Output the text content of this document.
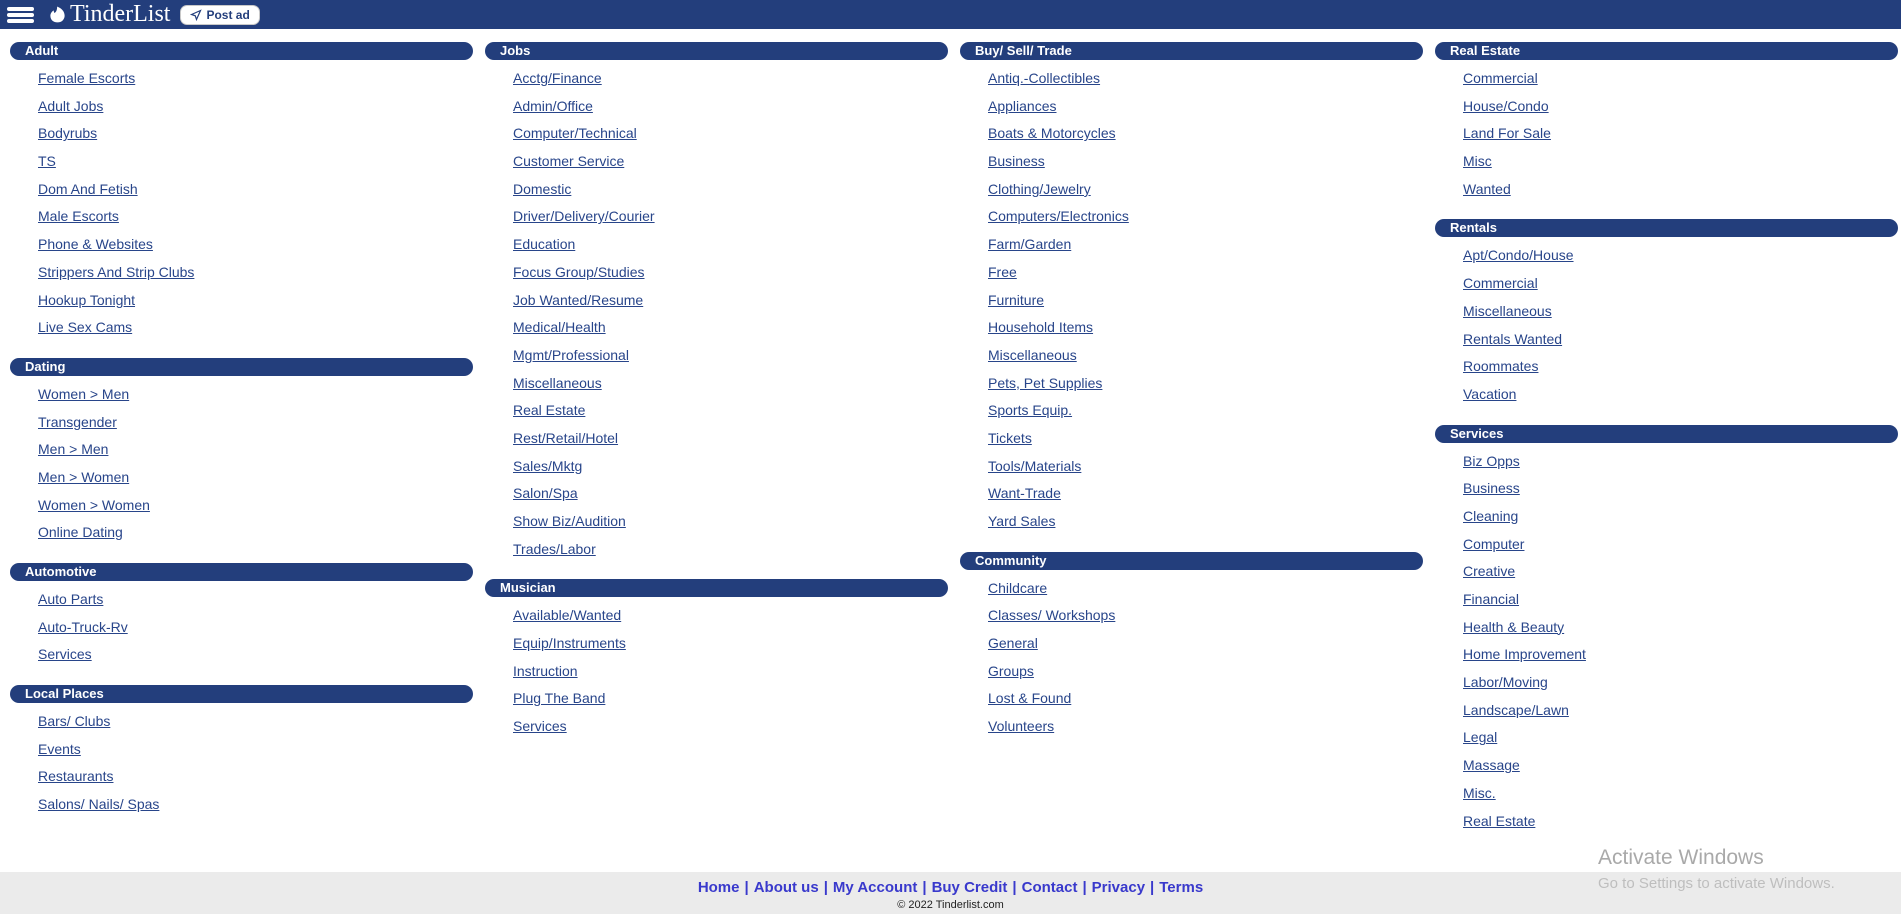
TinderList	Post ad
Adult
Female Escorts
Adult Jobs
Bodyrubs
TS
Dom And Fetish
Male Escorts
Phone & Websites
Strippers And Strip Clubs
Hookup Tonight
Live Sex Cams
Dating
Women > Men
Transgender
Men > Men
Men > Women
Women > Women
Online Dating
Automotive
Auto Parts
Auto-Truck-Rv
Services
Local Places
Bars/ Clubs
Events
Restaurants
Salons/ Nails/ Spas
Jobs
Acctg/Finance
Admin/Office
Computer/Technical
Customer Service
Domestic
Driver/Delivery/Courier
Education
Focus Group/Studies
Job Wanted/Resume
Medical/Health
Mgmt/Professional
Miscellaneous
Real Estate
Rest/Retail/Hotel
Sales/Mktg
Salon/Spa
Show Biz/Audition
Trades/Labor
Musician
Available/Wanted
Equip/Instruments
Instruction
Plug The Band
Services
Buy/ Sell/ Trade
Antiq.-Collectibles
Appliances
Boats & Motorcycles
Business
Clothing/Jewelry
Computers/Electronics
Farm/Garden
Free
Furniture
Household Items
Miscellaneous
Pets, Pet Supplies
Sports Equip.
Tickets
Tools/Materials
Want-Trade
Yard Sales
Community
Childcare
Classes/ Workshops
General
Groups
Lost & Found
Volunteers
Real Estate
Commercial
House/Condo
Land For Sale
Misc
Wanted
Rentals
Apt/Condo/House
Commercial
Miscellaneous
Rentals Wanted
Roommates
Vacation
Services
Biz Opps
Business
Cleaning
Computer
Creative
Financial
Health & Beauty
Home Improvement
Labor/Moving
Landscape/Lawn
Legal
Massage
Misc.
Real Estate
Activate Windows
Go to Settings to activate Windows.
Home | About us | My Account | Buy Credit | Contact | Privacy | Terms
© 2022 Tinderlist.com
